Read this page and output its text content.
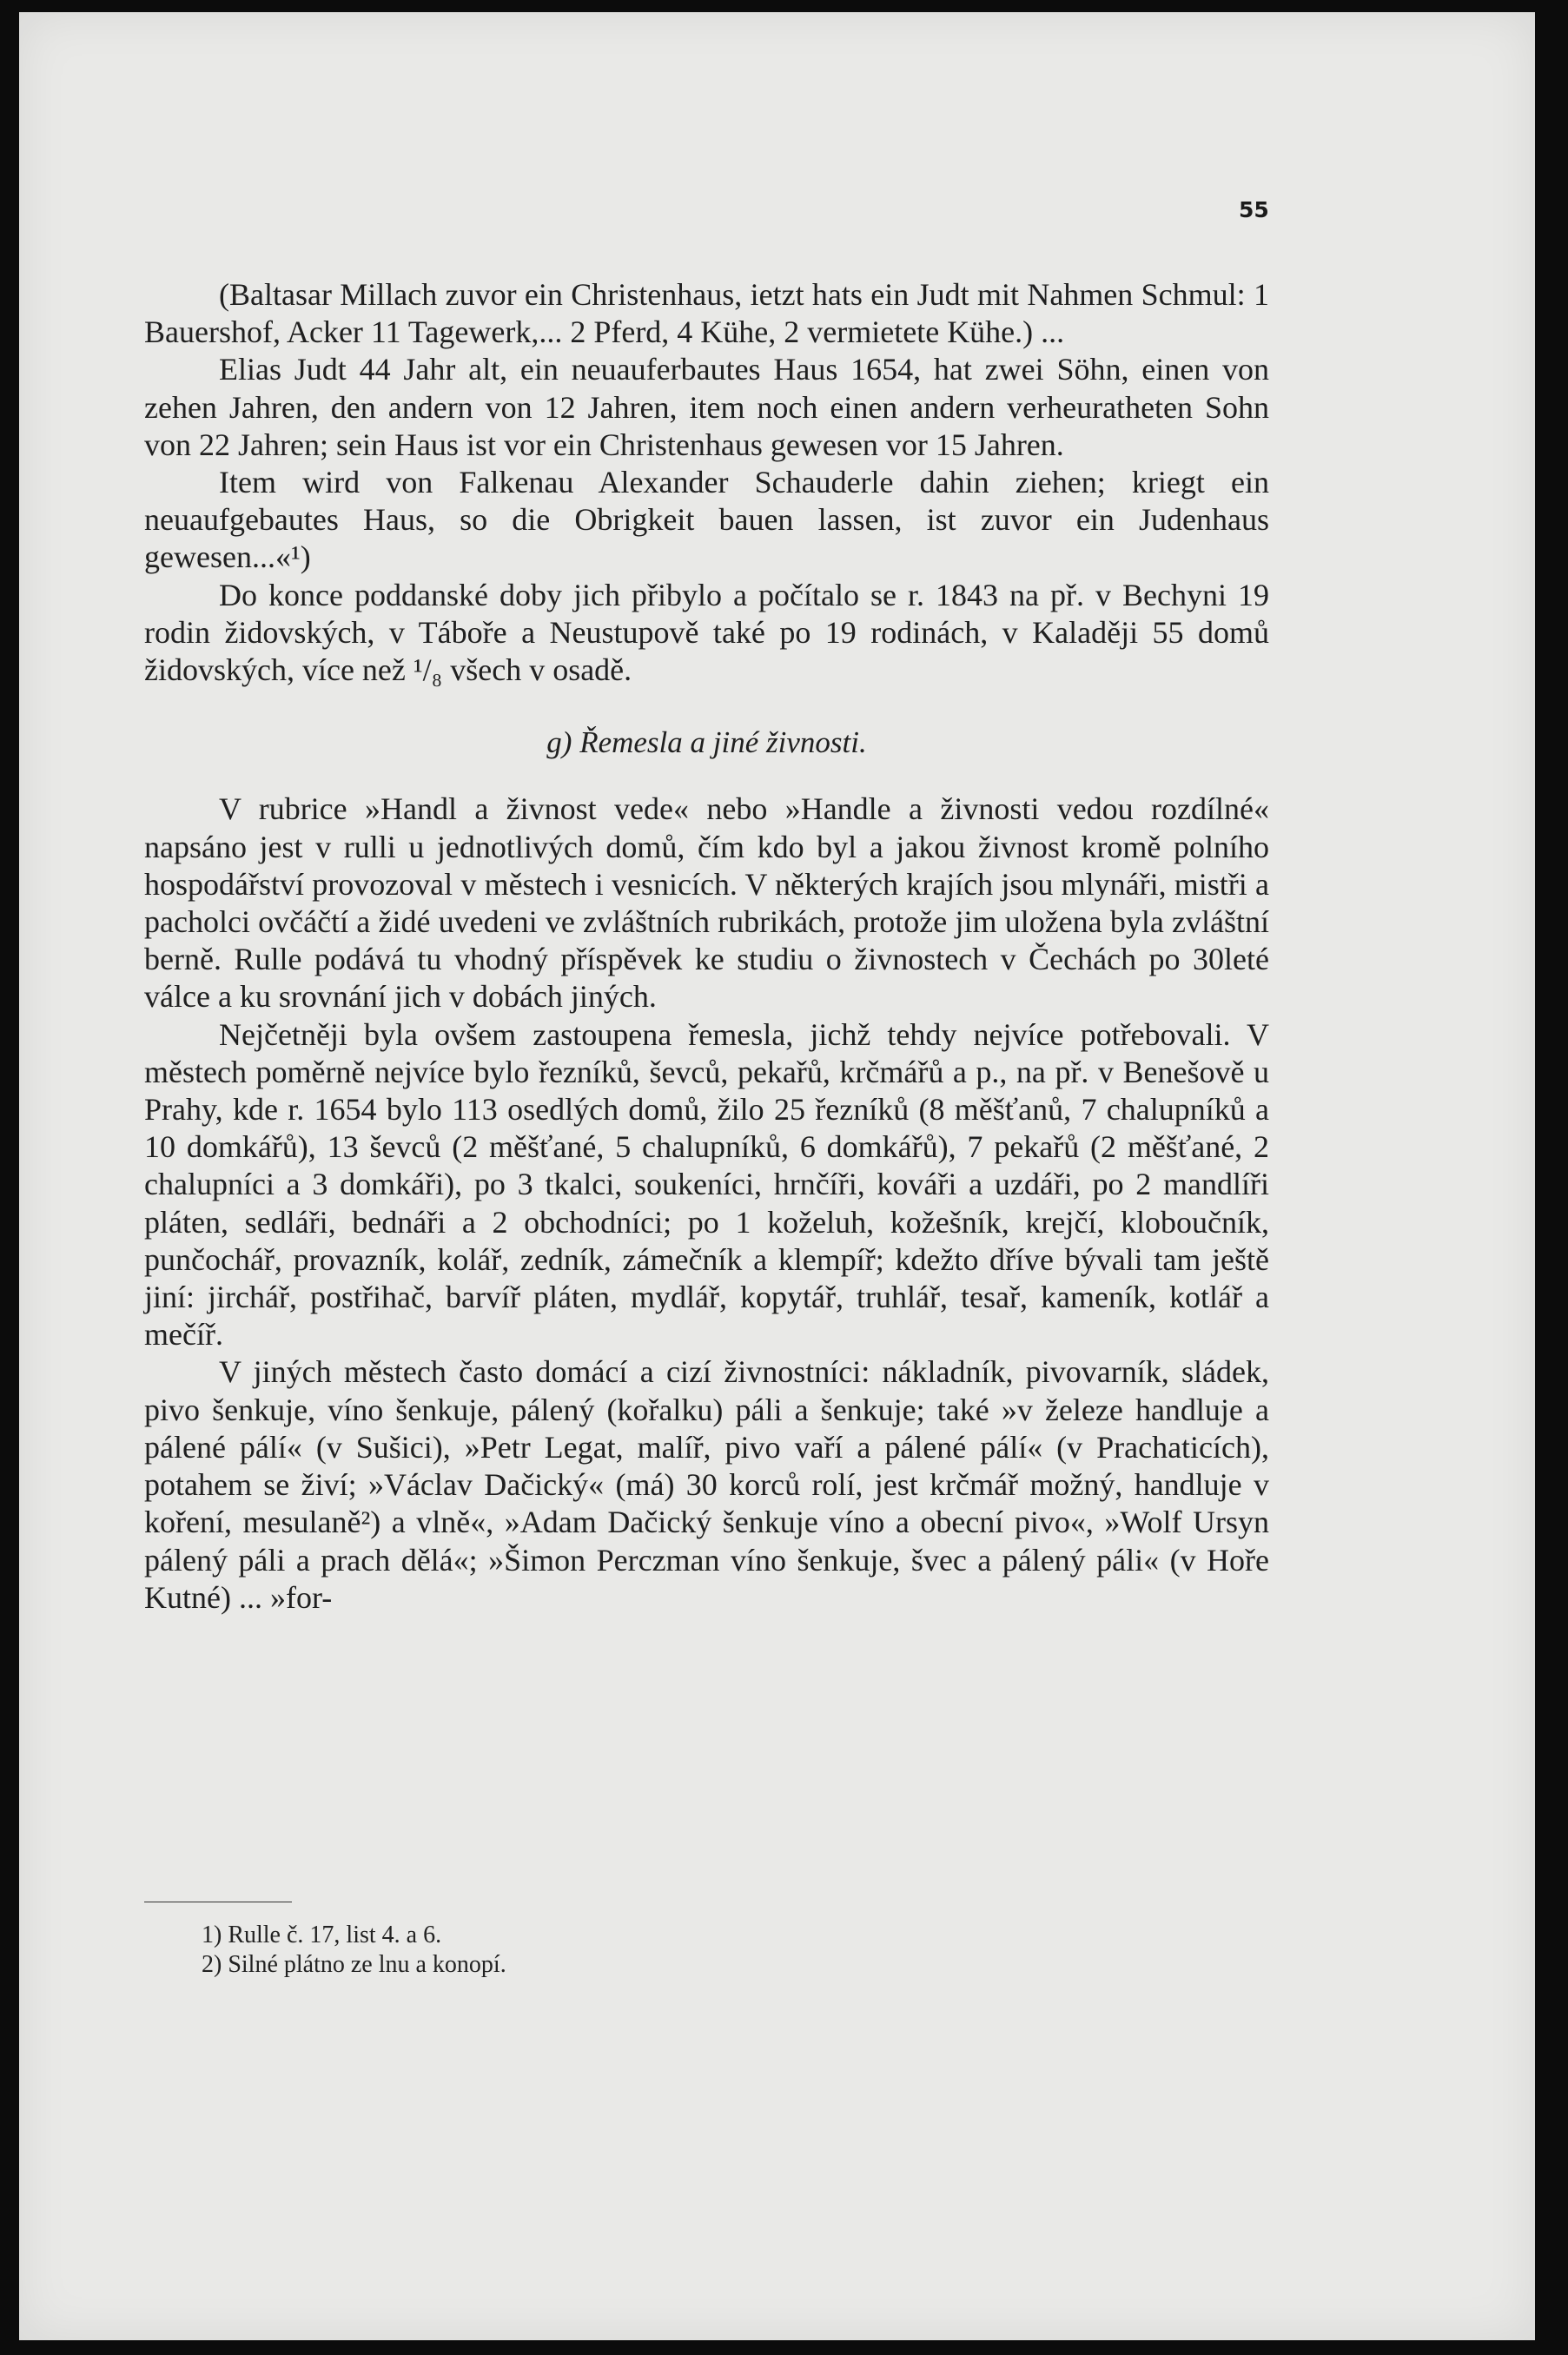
55

(Baltasar Millach zuvor ein Christenhaus, ietzt hats ein Judt mit Nahmen Schmul: 1 Bauershof, Acker 11 Tagewerk,... 2 Pferd, 4 Kühe, 2 vermietete Kühe.) ...

Elias Judt 44 Jahr alt, ein neuauferbautes Haus 1654, hat zwei Söhn, einen von zehen Jahren, den andern von 12 Jahren, item noch einen andern verheuratheten Sohn von 22 Jahren; sein Haus ist vor ein Christenhaus gewesen vor 15 Jahren.

Item wird von Falkenau Alexander Schauderle dahin ziehen; kriegt ein neuaufgebautes Haus, so die Obrigkeit bauen lassen, ist zuvor ein Judenhaus gewesen...«¹)

Do konce poddanské doby jich přibylo a počítalo se r. 1843 na př. v Bechyni 19 rodin židovských, v Táboře a Neustupově také po 19 rodinách, v Kalaději 55 domů židovských, více než ¹/₈ všech v osadě.

g) Řemesla a jiné živnosti.

V rubrice »Handl a živnost vede« nebo »Handle a živnosti vedou rozdílné« napsáno jest v rulli u jednotlivých domů, čím kdo byl a jakou živnost kromě polního hospodářství provozoval v městech i vesnicích. V některých krajích jsou mlynáři, mistři a pacholci ovčáčtí a židé uvedeni ve zvláštních rubrikách, protože jim uložena byla zvláštní berně. Rulle podává tu vhodný příspěvek ke studiu o živnostech v Čechách po 30leté válce a ku srovnání jich v dobách jiných.

Nejčetněji byla ovšem zastoupena řemesla, jichž tehdy nejvíce potřebovali. V městech poměrně nejvíce bylo řezníků, ševců, pekařů, krčmářů a p., na př. v Benešově u Prahy, kde r. 1654 bylo 113 osedlých domů, žilo 25 řezníků (8 měšťanů, 7 chalupníků a 10 domkářů), 13 ševců (2 měšťané, 5 chalupníků, 6 domkářů), 7 pekařů (2 měšťané, 2 chalupníci a 3 domkáři), po 3 tkalci, soukeníci, hrnčíři, kováři a uzdáři, po 2 mandlíři pláten, sedláři, bednáři a 2 obchodníci; po 1 koželuh, kožešník, krejčí, kloboučník, punčochář, provazník, kolář, zedník, zámečník a klempíř; kdežto dříve bývali tam ještě jiní: jirchář, postřihač, barvíř pláten, mydlář, kopytář, truhlář, tesař, kameník, kotlář a mečíř.

V jiných městech často domácí a cizí živnostníci: nákladník, pivovarník, sládek, pivo šenkuje, víno šenkuje, pálený (kořalku) páli a šenkuje; také »v železe handluje a pálené pálí« (v Sušici), »Petr Legat, malíř, pivo vaří a pálené pálí« (v Prachaticích), potahem se živí; »Václav Dačický« (má) 30 korců rolí, jest krčmář možný, handluje v koření, mesulaně²) a vlně«, »Adam Dačický šenkuje víno a obecní pivo«, »Wolf Ursyn pálený páli a prach dělá«; »Šimon Perczman víno šenkuje, švec a pálený páli« (v Hoře Kutné) ... »for-

1) Rulle č. 17, list 4. a 6.
2) Silné plátno ze lnu a konopí.
